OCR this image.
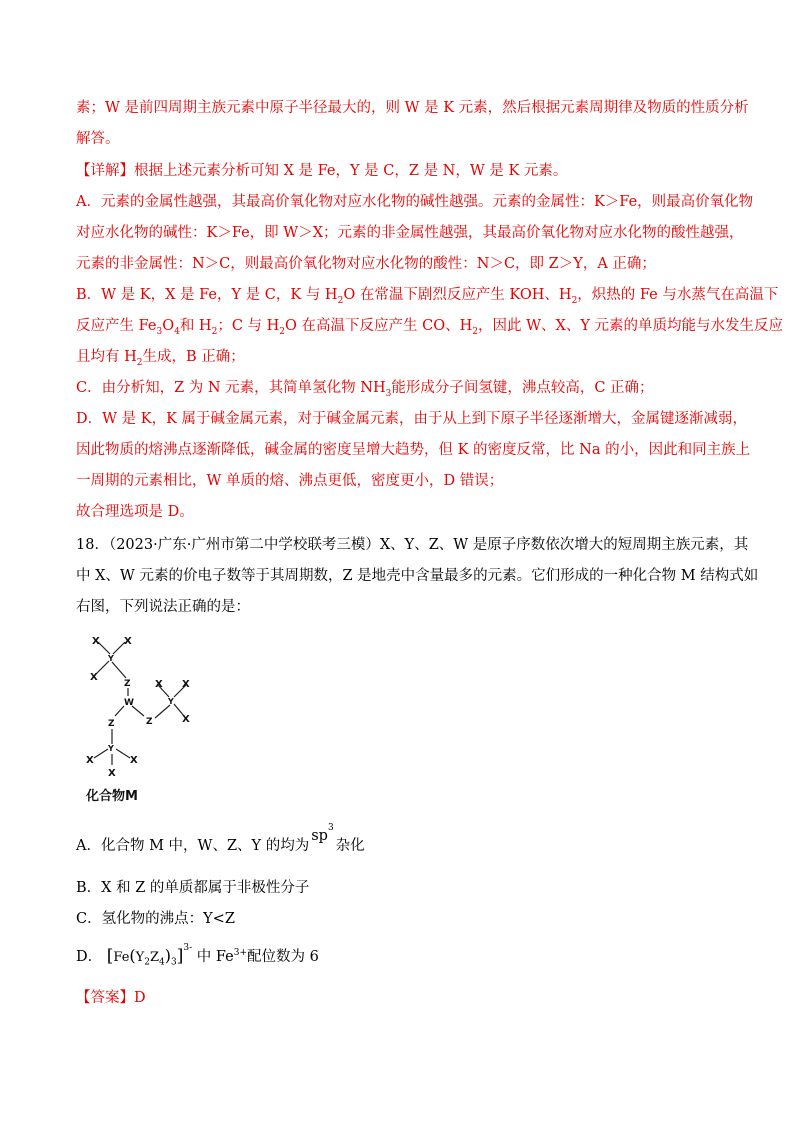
素；W 是前四周期主族元素中原子半径最大的，则 W 是 K 元素，然后根据元素周期律及物质的性质分析
解答。
【详解】根据上述元素分析可知 X 是 Fe，Y 是 C，Z 是 N，W 是 K 元素。
A．元素的金属性越强，其最高价氧化物对应水化物的碱性越强。元素的金属性：K＞Fe，则最高价氧化物
对应水化物的碱性：K＞Fe，即 W＞X；元素的非金属性越强，其最高价氧化物对应水化物的酸性越强，
元素的非金属性：N＞C，则最高价氧化物对应水化物的酸性：N＞C，即 Z＞Y，A 正确；
B．W 是 K，X 是 Fe，Y 是 C，K 与 $H_2O$ 在常温下剧烈反应产生 KOH、$H_2$，炽热的 Fe 与水蒸气在高温下
反应产生 $Fe_3O_4$和 $H_2$；C 与 $H_2O$ 在高温下反应产生 CO、$H_2$，因此 W、X、Y 元素的单质均能与水发生反应
且均有 $H_2$生成，B 正确；
C．由分析知，Z 为 N 元素，其简单氢化物 $NH_3$能形成分子间氢键，沸点较高，C 正确；
D．W 是 K，K 属于碱金属元素，对于碱金属元素，由于从上到下原子半径逐渐增大，金属键逐渐减弱，
因此物质的熔沸点逐渐降低，碱金属的密度呈增大趋势，但 K 的密度反常，比 Na 的小，因此和同主族上
一周期的元素相比，W 单质的熔、沸点更低，密度更小，D 错误；
故合理选项是 D。
18．（2023·广东·广州市第二中学校联考三模）X、Y、Z、W 是原子序数依次增大的短周期主族元素，其
中 X、W 元素的价电子数等于其周期数，Z 是地壳中含量最多的元素。它们形成的一种化合物 M 结构式如
右图，下列说法正确的是：
X X
Y
X
Z
W
X X
Y
X
Z
Z
Y
X	X
X
化合物M
A．化合物 M 中，W、Z、Y 的均为$sp^3$杂化
B．X 和 Z 的单质都属于非极性分子
C．氢化物的沸点：Y<Z
D． $[Fe(Y_2Z_4)_3]^{3-}$ 中 $Fe^{3+}$配位数为 6
【答案】D
